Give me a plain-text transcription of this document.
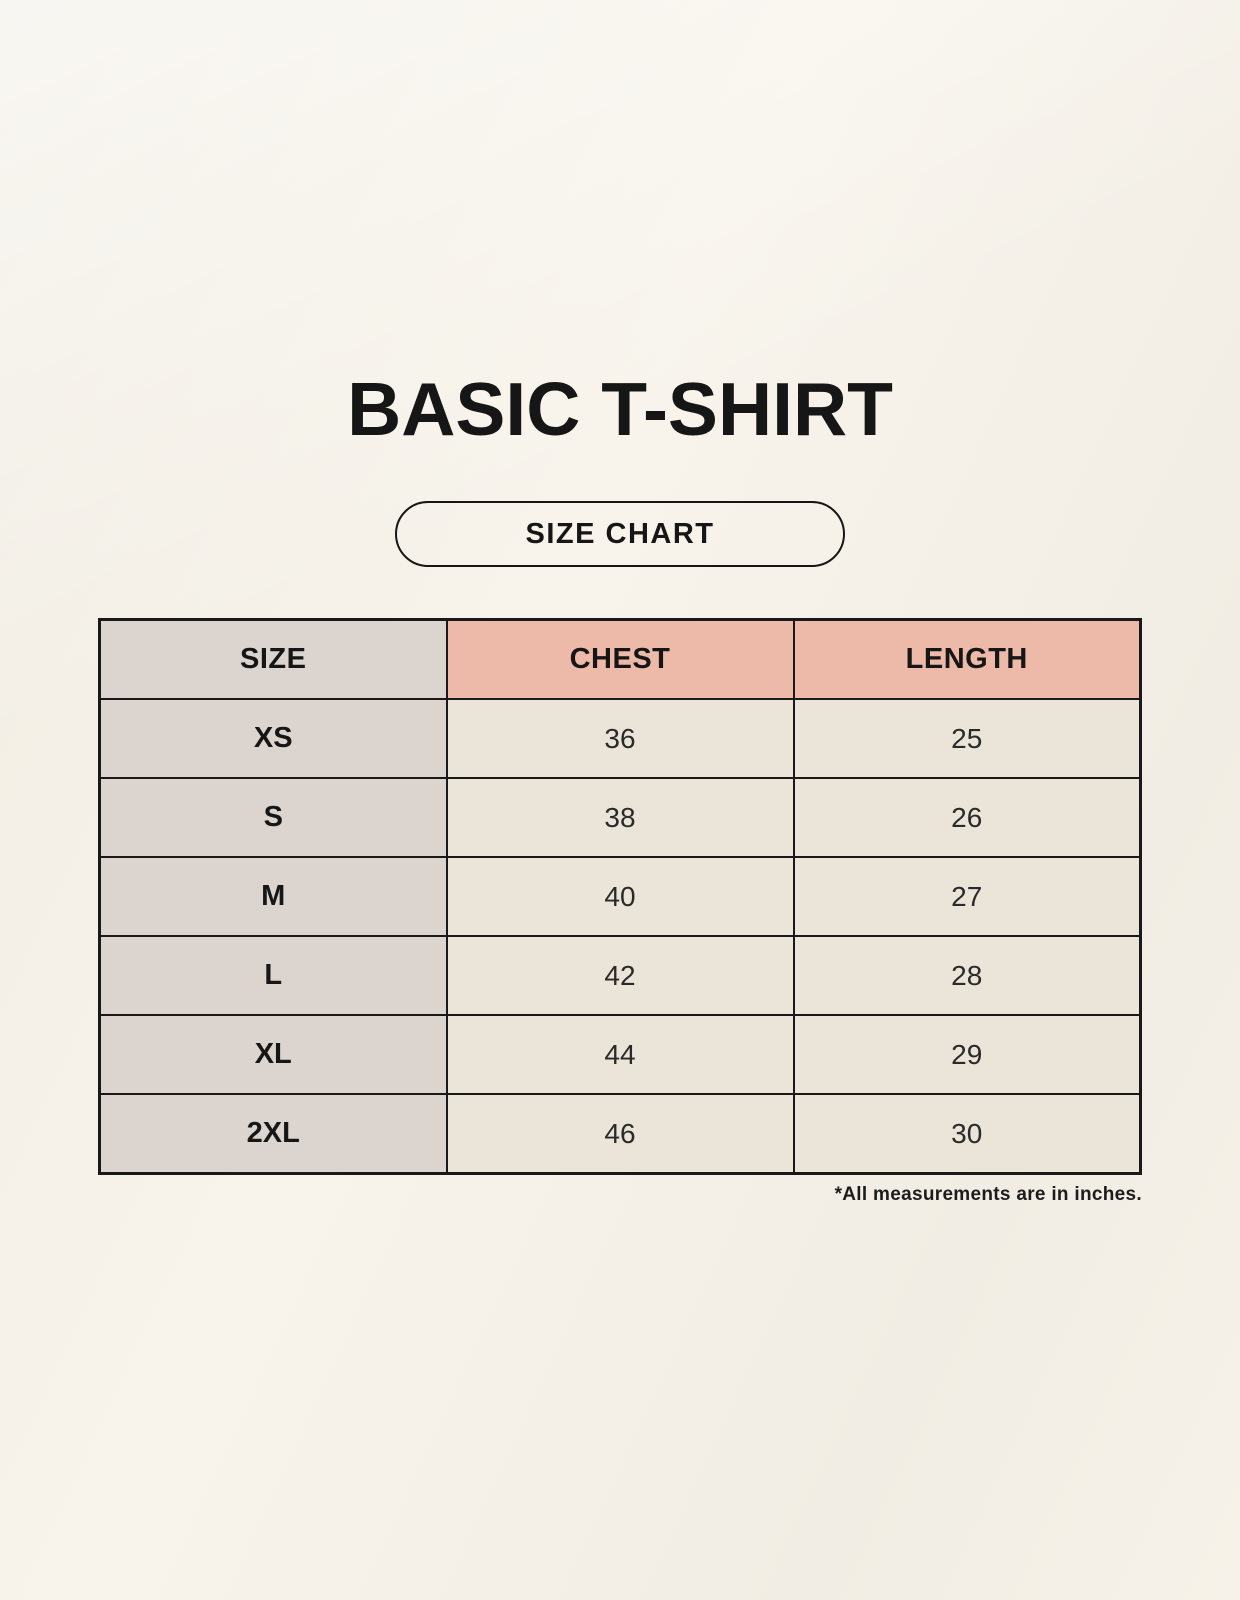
BASIC T-SHIRT
SIZE CHART
SIZE	CHEST	LENGTH
XS	36	25
S	38	26
M	40	27
L	42	28
XL	44	29
2XL	46	30
*All measurements are in inches.
